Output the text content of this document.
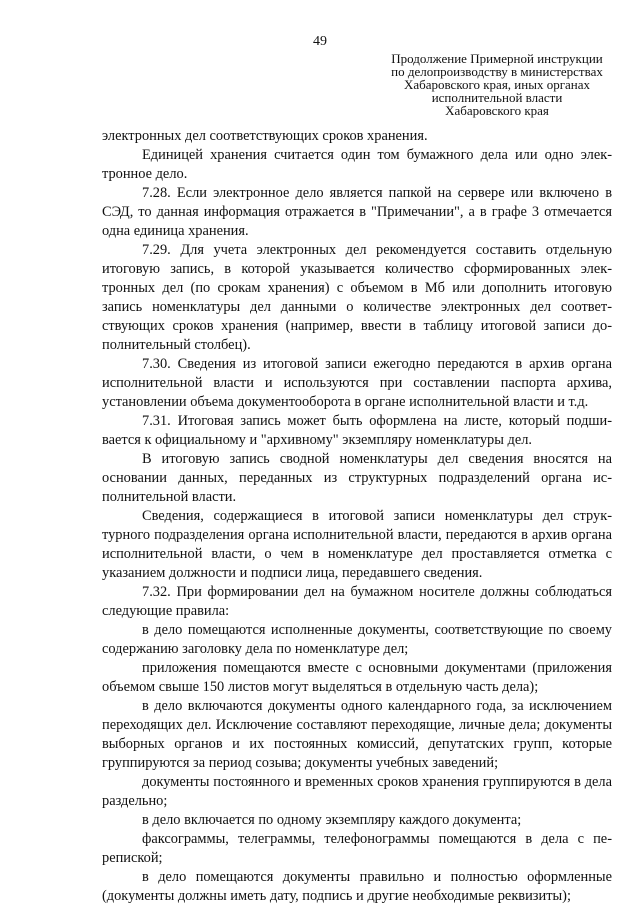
49
Продолжение Примерной инструкции
по делопроизводству в министерствах
Хабаровского края, иных органах
исполнительной власти
Хабаровского края

электронных дел соответствующих сроков хранения.

Единицей хранения считается один том бумажного дела или одно электронное дело.

7.28. Если электронное дело является папкой на сервере или включено в СЭД, то данная информация отражается в "Примечании", а в графе 3 отмечается одна единица хранения.

7.29. Для учета электронных дел рекомендуется составить отдельную итоговую запись, в которой указывается количество сформированных электронных дел (по срокам хранения) с объемом в Мб или дополнить итоговую запись номенклатуры дел данными о количестве электронных дел соответствующих сроков хранения (например, ввести в таблицу итоговой записи дополнительный столбец).

7.30. Сведения из итоговой записи ежегодно передаются в архив органа исполнительной власти и используются при составлении паспорта архива, установлении объема документооборота в органе исполнительной власти и т.д.

7.31. Итоговая запись может быть оформлена на листе, который подшивается к официальному и "архивному" экземпляру номенклатуры дел.

В итоговую запись сводной номенклатуры дел сведения вносятся на основании данных, переданных из структурных подразделений органа исполнительной власти.

Сведения, содержащиеся в итоговой записи номенклатуры дел структурного подразделения органа исполнительной власти, передаются в архив органа исполнительной власти, о чем в номенклатуре дел проставляется отметка с указанием должности и подписи лица, передавшего сведения.

7.32. При формировании дел на бумажном носителе должны соблюдаться следующие правила:

в дело помещаются исполненные документы, соответствующие по своему содержанию заголовку дела по номенклатуре дел;

приложения помещаются вместе с основными документами (приложения объемом свыше 150 листов могут выделяться в отдельную часть дела);

в дело включаются документы одного календарного года, за исключением переходящих дел. Исключение составляют переходящие, личные дела; документы выборных органов и их постоянных комиссий, депутатских групп, которые группируются за период созыва; документы учебных заведений;

документы постоянного и временных сроков хранения группируются в дела раздельно;

в дело включается по одному экземпляру каждого документа;

факсограммы, телеграммы, телефонограммы помещаются в дела с перепиской;

в дело помещаются документы правильно и полностью оформленные (документы должны иметь дату, подпись и другие необходимые реквизиты);
